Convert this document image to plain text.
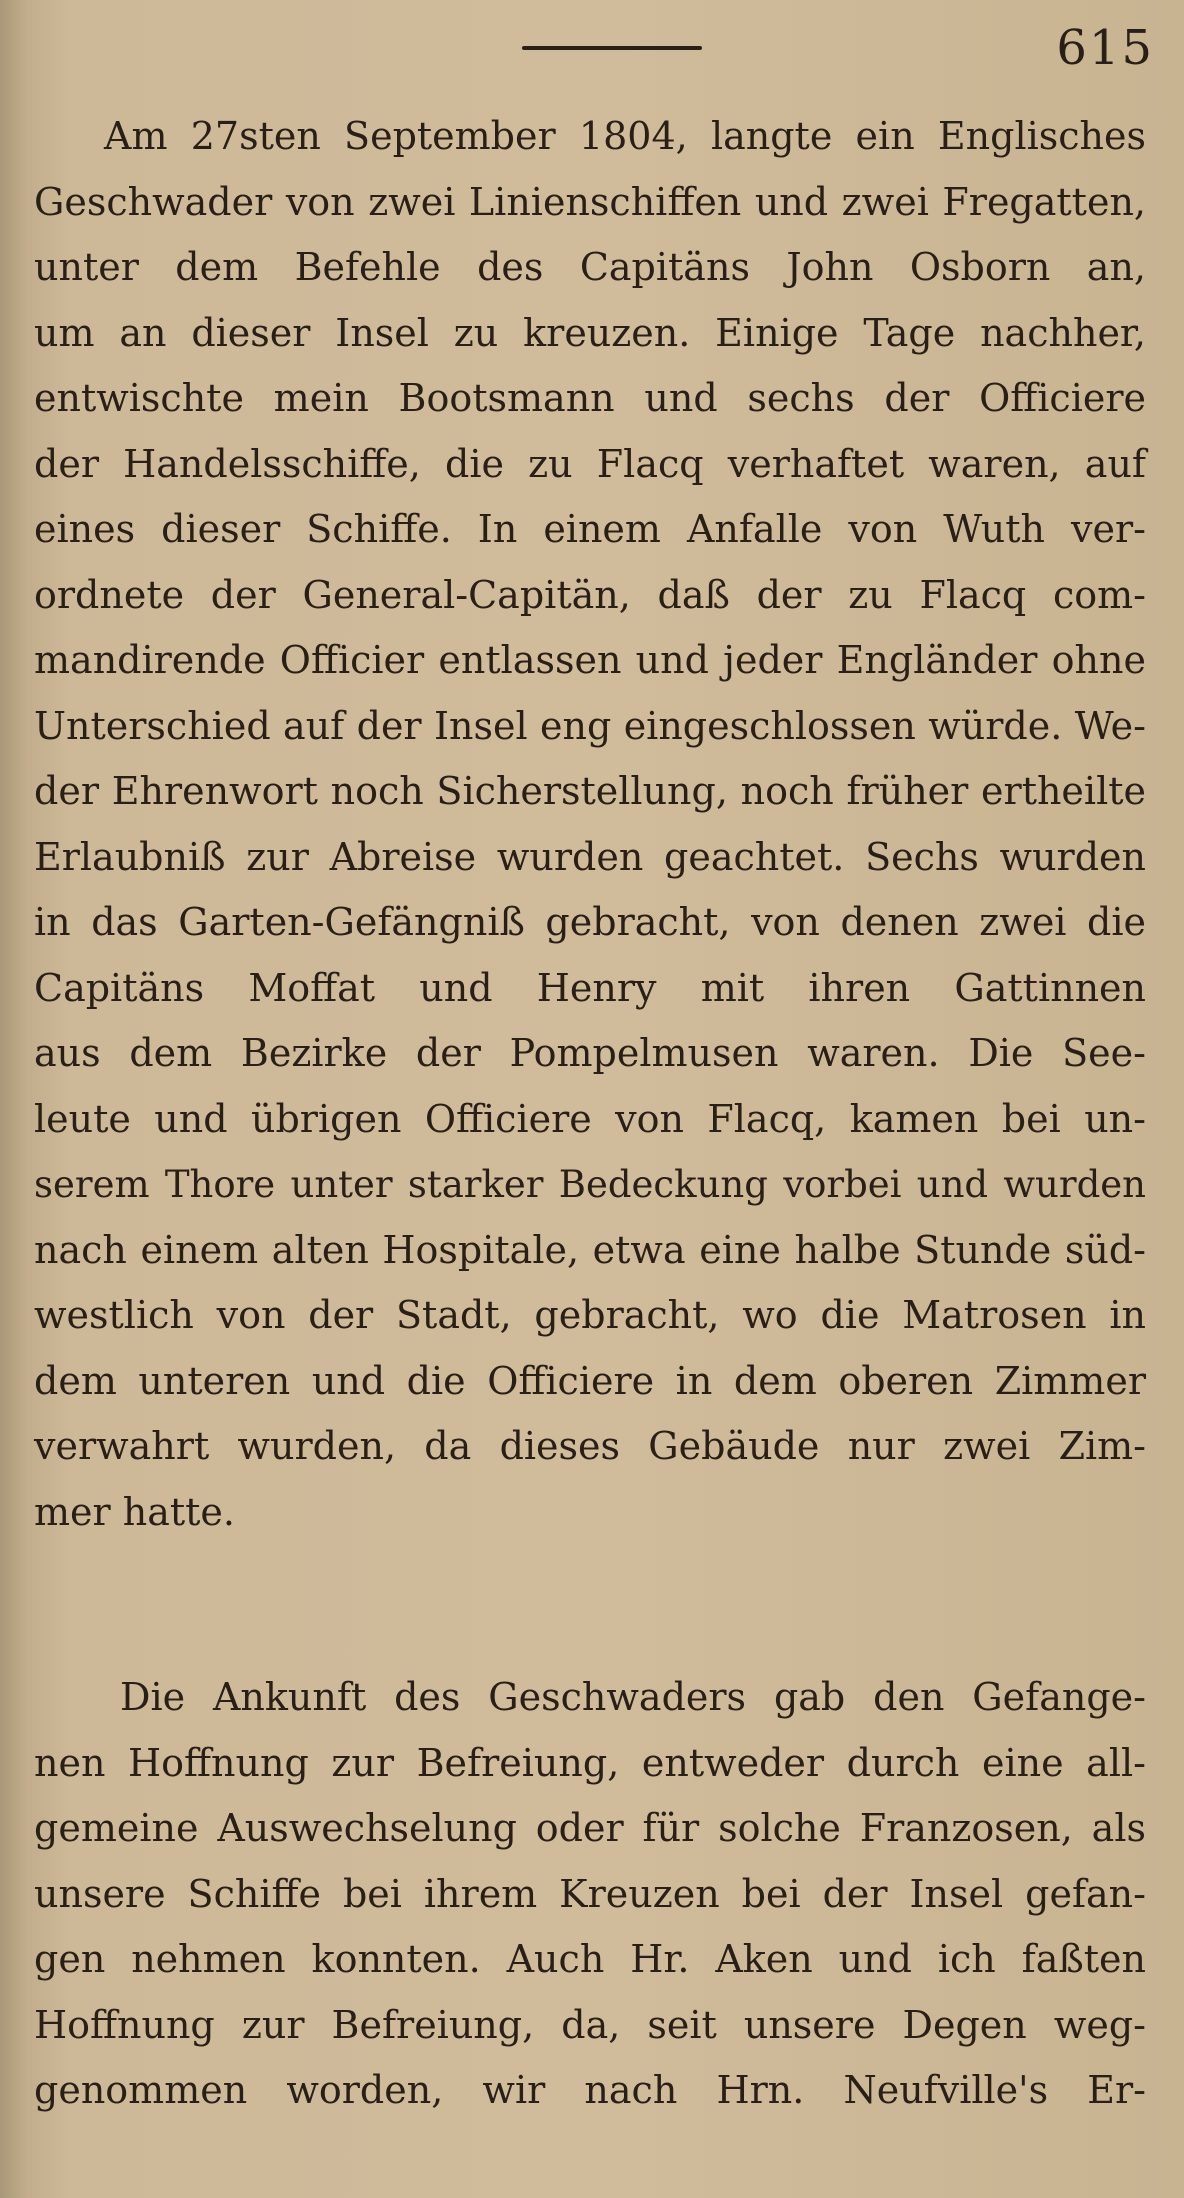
615

Am 27sten September 1804, langte ein Englisches
Geschwader von zwei Linienschiffen und zwei Fregatten,
unter dem Befehle des Capitäns John Osborn an,
um an dieser Insel zu kreuzen. Einige Tage nachher,
entwischte mein Bootsmann und sechs der Officiere
der Handelsschiffe, die zu Flacq verhaftet waren, auf
eines dieser Schiffe. In einem Anfalle von Wuth ver-
ordnete der General-Capitän, daß der zu Flacq com-
mandirende Officier entlassen und jeder Engländer ohne
Unterschied auf der Insel eng eingeschlossen würde. We-
der Ehrenwort noch Sicherstellung, noch früher ertheilte
Erlaubniß zur Abreise wurden geachtet. Sechs wurden
in das Garten-Gefängniß gebracht, von denen zwei die
Capitäns Moffat und Henry mit ihren Gattinnen
aus dem Bezirke der Pompelmusen waren. Die See-
leute und übrigen Officiere von Flacq, kamen bei un-
serem Thore unter starker Bedeckung vorbei und wurden
nach einem alten Hospitale, etwa eine halbe Stunde süd-
westlich von der Stadt, gebracht, wo die Matrosen in
dem unteren und die Officiere in dem oberen Zimmer
verwahrt wurden, da dieses Gebäude nur zwei Zim-
mer hatte.

Die Ankunft des Geschwaders gab den Gefange-
nen Hoffnung zur Befreiung, entweder durch eine all-
gemeine Auswechselung oder für solche Franzosen, als
unsere Schiffe bei ihrem Kreuzen bei der Insel gefan-
gen nehmen konnten. Auch Hr. Aken und ich faßten
Hoffnung zur Befreiung, da, seit unsere Degen weg-
genommen worden, wir nach Hrn. Neufville's Er-
